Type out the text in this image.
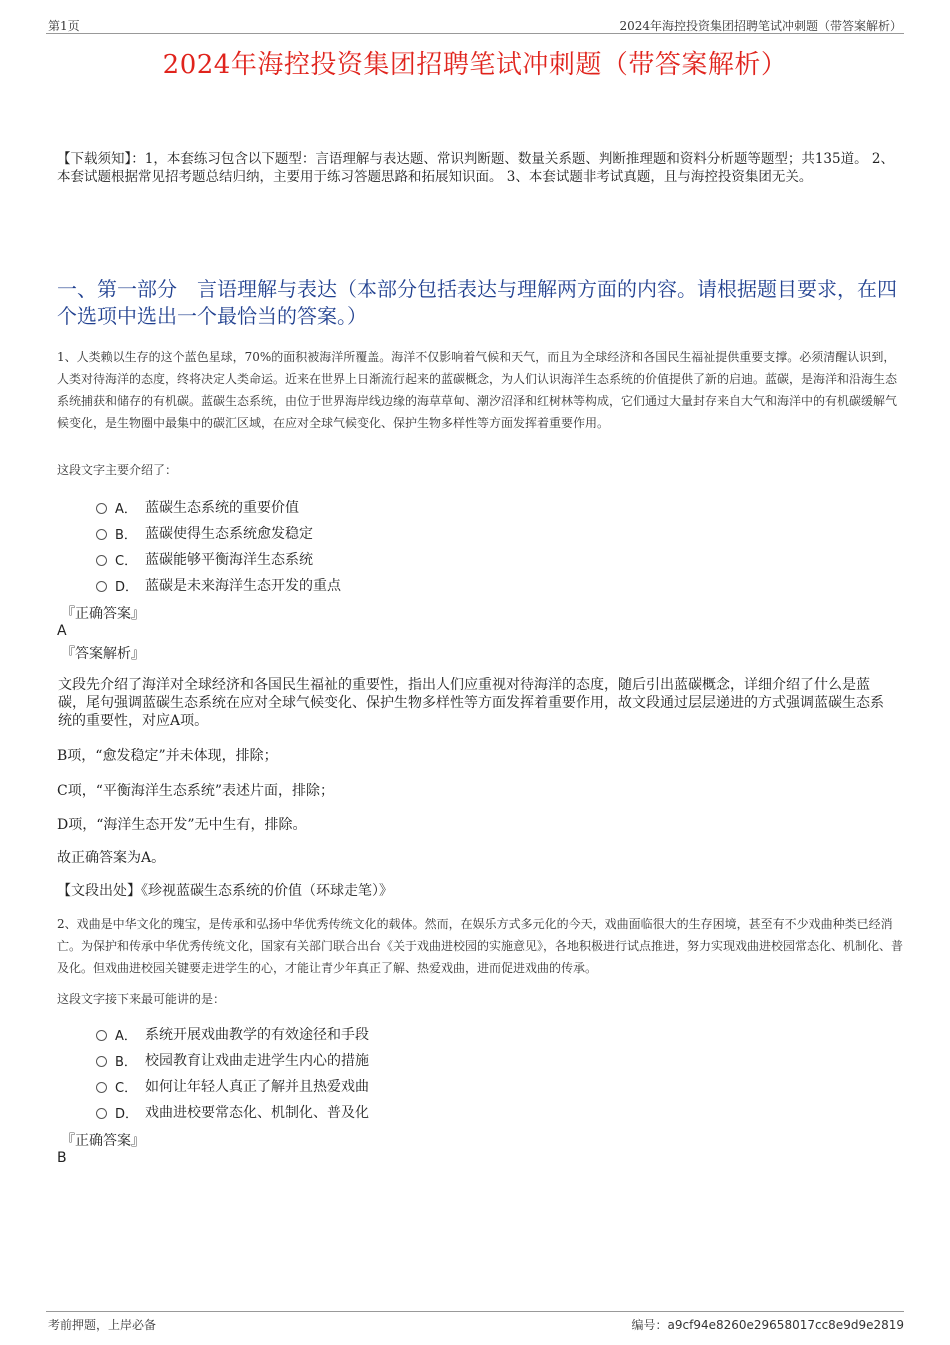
第1页	2024年海控投资集团招聘笔试冲刺题（带答案解析）
2024年海控投资集团招聘笔试冲刺题（带答案解析）
【下载须知】：1，本套练习包含以下题型：言语理解与表达题、常识判断题、数量关系题、判断推理题和资料分析题等题型；共135道。 2、本套试题根据常见招考题总结归纳，主要用于练习答题思路和拓展知识面。 3、本套试题非考试真题，且与海控投资集团无关。
一、第一部分　言语理解与表达（本部分包括表达与理解两方面的内容。请根据题目要求，在四个选项中选出一个最恰当的答案。）
1、人类赖以生存的这个蓝色星球，70%的面积被海洋所覆盖。海洋不仅影响着气候和天气，而且为全球经济和各国民生福祉提供重要支撑。必须清醒认识到，人类对待海洋的态度，终将决定人类命运。近来在世界上日渐流行起来的蓝碳概念，为人们认识海洋生态系统的价值提供了新的启迪。蓝碳，是海洋和沿海生态系统捕获和储存的有机碳。蓝碳生态系统，由位于世界海岸线边缘的海草草甸、潮汐沼泽和红树林等构成，它们通过大量封存来自大气和海洋中的有机碳缓解气候变化，是生物圈中最集中的碳汇区域，在应对全球气候变化、保护生物多样性等方面发挥着重要作用。
这段文字主要介绍了：
A． 蓝碳生态系统的重要价值
B． 蓝碳使得生态系统愈发稳定
C． 蓝碳能够平衡海洋生态系统
D． 蓝碳是未来海洋生态开发的重点
『正确答案』
A
『答案解析』
文段先介绍了海洋对全球经济和各国民生福祉的重要性，指出人们应重视对待海洋的态度，随后引出蓝碳概念，详细介绍了什么是蓝碳，尾句强调蓝碳生态系统在应对全球气候变化、保护生物多样性等方面发挥着重要作用，故文段通过层层递进的方式强调蓝碳生态系统的重要性，对应A项。
B项，“愈发稳定”并未体现，排除；
C项，“平衡海洋生态系统”表述片面，排除；
D项，“海洋生态开发”无中生有，排除。
故正确答案为A。
【文段出处】《珍视蓝碳生态系统的价值（环球走笔）》
2、戏曲是中华文化的瑰宝，是传承和弘扬中华优秀传统文化的载体。然而，在娱乐方式多元化的今天，戏曲面临很大的生存困境，甚至有不少戏曲种类已经消亡。为保护和传承中华优秀传统文化，国家有关部门联合出台《关于戏曲进校园的实施意见》，各地积极进行试点推进，努力实现戏曲进校园常态化、机制化、普及化。但戏曲进校园关键要走进学生的心，才能让青少年真正了解、热爱戏曲，进而促进戏曲的传承。
这段文字接下来最可能讲的是：
A． 系统开展戏曲教学的有效途径和手段
B． 校园教育让戏曲走进学生内心的措施
C． 如何让年轻人真正了解并且热爱戏曲
D． 戏曲进校要常态化、机制化、普及化
『正确答案』
B
考前押题，上岸必备	编号：a9cf94e8260e29658017cc8e9d9e2819
